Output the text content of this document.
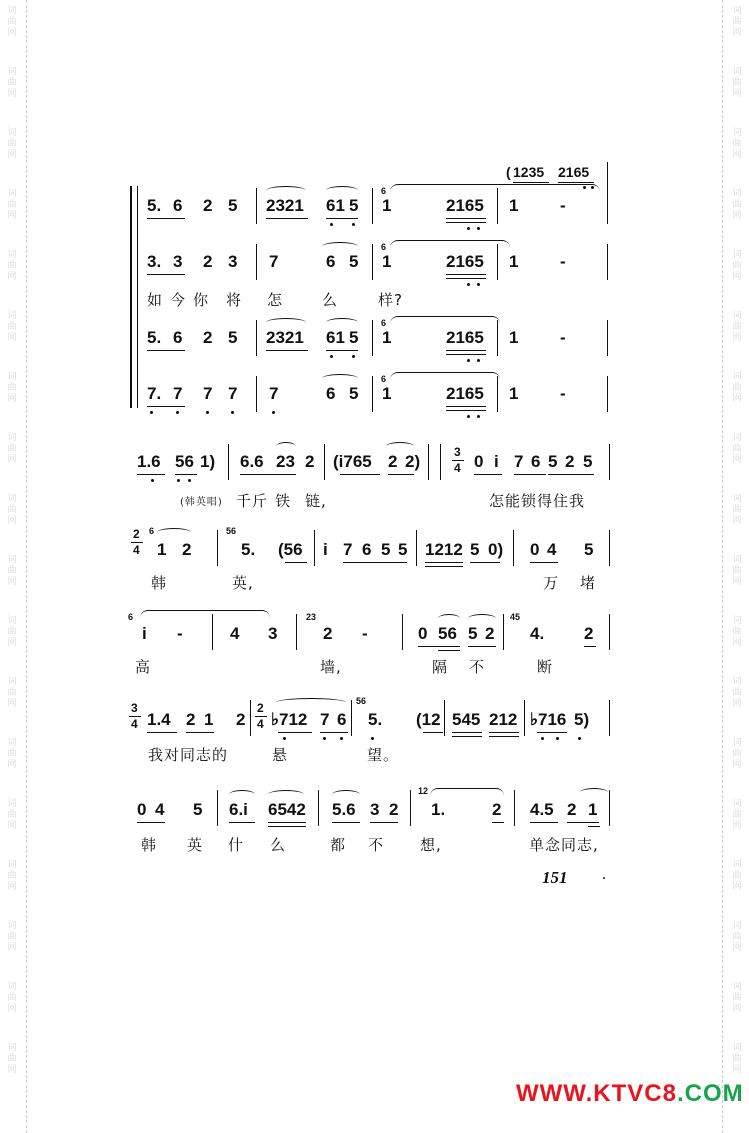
词
曲
网
词
曲
网
词
曲
网
词
曲
网
词
曲
网
词
曲
网
词
曲
网
词
曲
网
词
曲
网
词
曲
网
词
曲
网
词
曲
网
词
曲
网
词
曲
网
词
曲
网
词
曲
网
词
曲
网
词
曲
网
词
曲
网
词
曲
网
词
曲
网
词
曲
网
词
曲
网
词
曲
网
词
曲
网
词
曲
网
词
曲
网
词
曲
网
词
曲
网
词
曲
网
词
曲
网
词
曲
网
词
曲
网
词
曲
网
词
曲
网
词
曲
网
( 1235 2165
5. 6 2 5 2321 61 5
6
1	2165 1 -
3. 3 2 3 7	6 5
6
1	2165 1 -
如 今 你 将 怎	么	样?
5. 6 2 5 2321 61 5
6
1	2165 1 -
7. 7 7 7 7	6 5
6
1	2165 1 -
1.6 56 1) 6.6 23 2 (i765 2 2)	3
4 0 i 7 6 5 2 5
(韩英唱) 千 斤 铁 链,	怎能锁得住我
2
4
6
1 2
56
5. (56 i 7 6 5 5 1212 5 0) 0 4 5
韩	英,	万 堵
6
i -	4 3
23
2 -	0 56 5 2
45
4. 2
高	墙,	隔 不	断
3
4 1.4 2 1 2
2
4 ♭712 7 6
56
5. (12 545 212 ♭716 5)
我对同志的	悬	望。
0 4 5 6.i 6542 5.6 3 2
12
1.	2 4.5 2 1
韩 英 什 么	都 不 想,	单念同志,
151	.
WWW.KTVC8.COM
